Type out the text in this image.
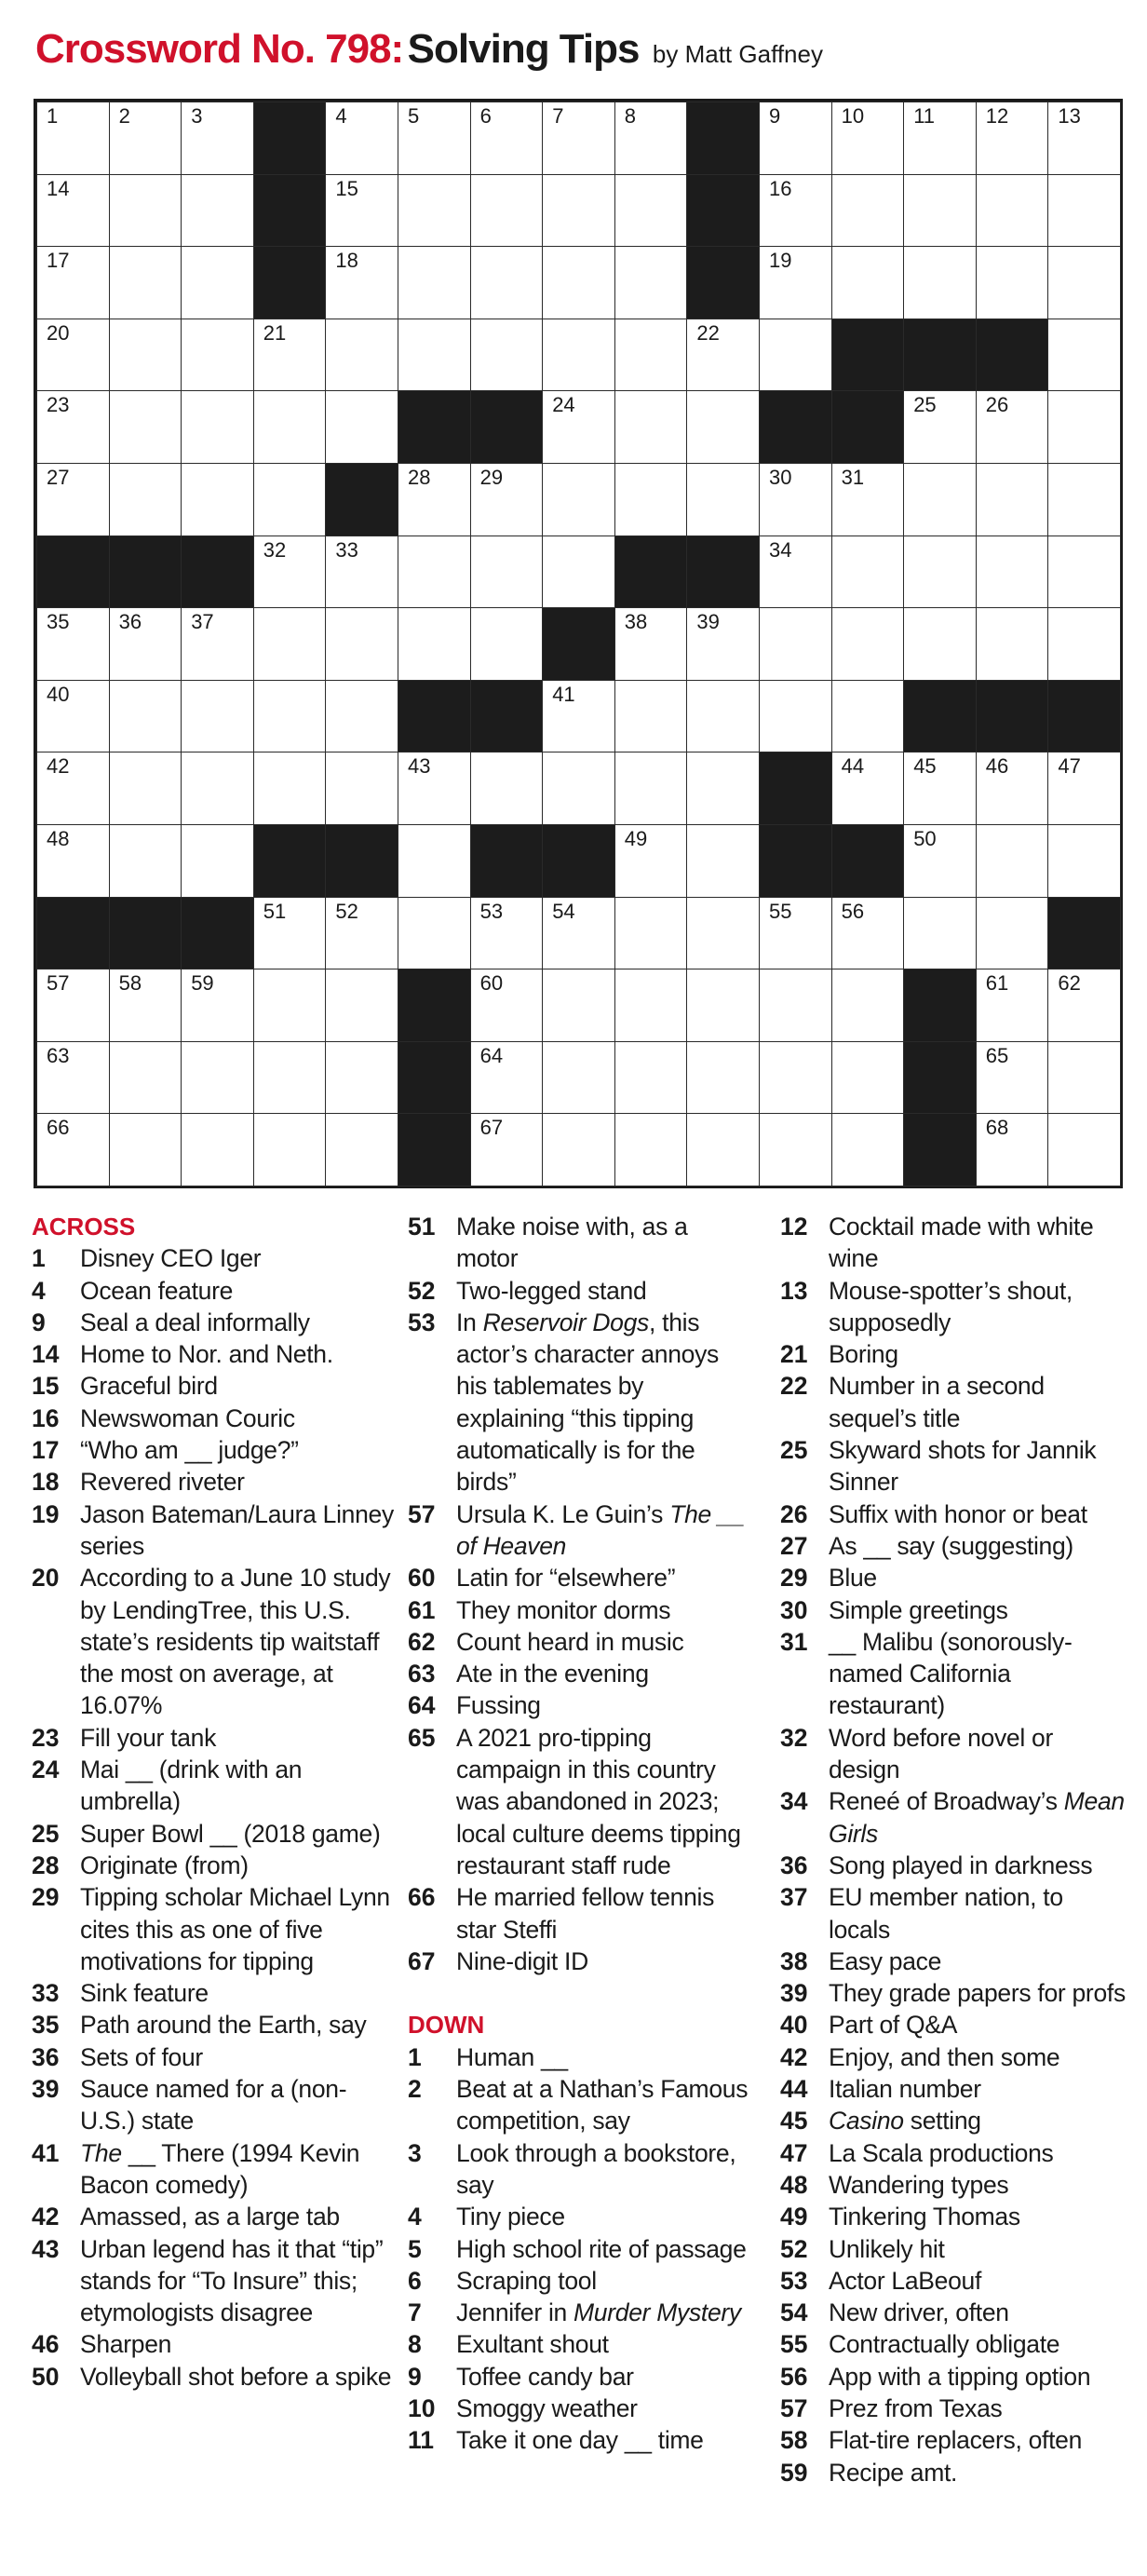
Crossword No. 798: Solving Tips by Matt Gaffney
1	2	3	4	5	6	7	8	9	10 11 12 13
14	15	16
17	18	19
20	21	22
23	24	25 26
27	28 29	30 31
32 33	34
35 36 37	38 39
40	41
42	43	44 45 46 47
48	49	50
51 52	53 54	55 56
57 58 59	60	61 62
63	64	65
66	67	68
ACROSS
1	Disney CEO Iger
4	Ocean feature
9	Seal a deal informally
14 Home to Nor. and Neth.
15 Graceful bird
16 Newswoman Couric
17 “Who am __ judge?”
18 Revered riveter
19 Jason Bateman/Laura Linney series
20 According to a June 10 study by LendingTree, this U.S. state’s residents tip waitstaff the most on average, at 16.07%
23 Fill your tank
24 Mai __ (drink with an umbrella)
25 Super Bowl __ (2018 game)
28 Originate (from)
29 Tipping scholar Michael Lynn cites this as one of five motivations for tipping
33 Sink feature
35 Path around the Earth, say
36 Sets of four
39 Sauce named for a (non-U.S.) state
41 The __ There (1994 Kevin Bacon comedy)
42 Amassed, as a large tab
43 Urban legend has it that “tip” stands for “To Insure” this; etymologists disagree
46 Sharpen
50 Volleyball shot before a spike
51 Make noise with, as a motor
52 Two-legged stand
53 In Reservoir Dogs, this actor’s character annoys his tablemates by explaining “this tipping automatically is for the birds”
57 Ursula K. Le Guin’s The __ of Heaven
60 Latin for “elsewhere”
61 They monitor dorms
62 Count heard in music
63 Ate in the evening
64 Fussing
65 A 2021 pro-tipping campaign in this country was abandoned in 2023; local culture deems tipping restaurant staff rude
66 He married fellow tennis star Steffi
67 Nine-digit ID
DOWN
1	Human __
2	Beat at a Nathan’s Famous competition, say
3	Look through a bookstore, say
4	Tiny piece
5	High school rite of passage
6	Scraping tool
7	Jennifer in Murder Mystery
8	Exultant shout
9	Toffee candy bar
10 Smoggy weather
11 Take it one day __ time
12 Cocktail made with white wine
13 Mouse-spotter’s shout, supposedly
21 Boring
22 Number in a second sequel’s title
25 Skyward shots for Jannik Sinner
26 Suffix with honor or beat
27 As __ say (suggesting)
29 Blue
30 Simple greetings
31 __ Malibu (sonorously-named California restaurant)
32 Word before novel or design
34 Reneé of Broadway’s Mean Girls
36 Song played in darkness
37 EU member nation, to locals
38 Easy pace
39 They grade papers for profs
40 Part of Q&A
42 Enjoy, and then some
44 Italian number
45 Casino setting
47 La Scala productions
48 Wandering types
49 Tinkering Thomas
52 Unlikely hit
53 Actor LaBeouf
54 New driver, often
55 Contractually obligate
56 App with a tipping option
57 Prez from Texas
58 Flat-tire replacers, often
59 Recipe amt.
